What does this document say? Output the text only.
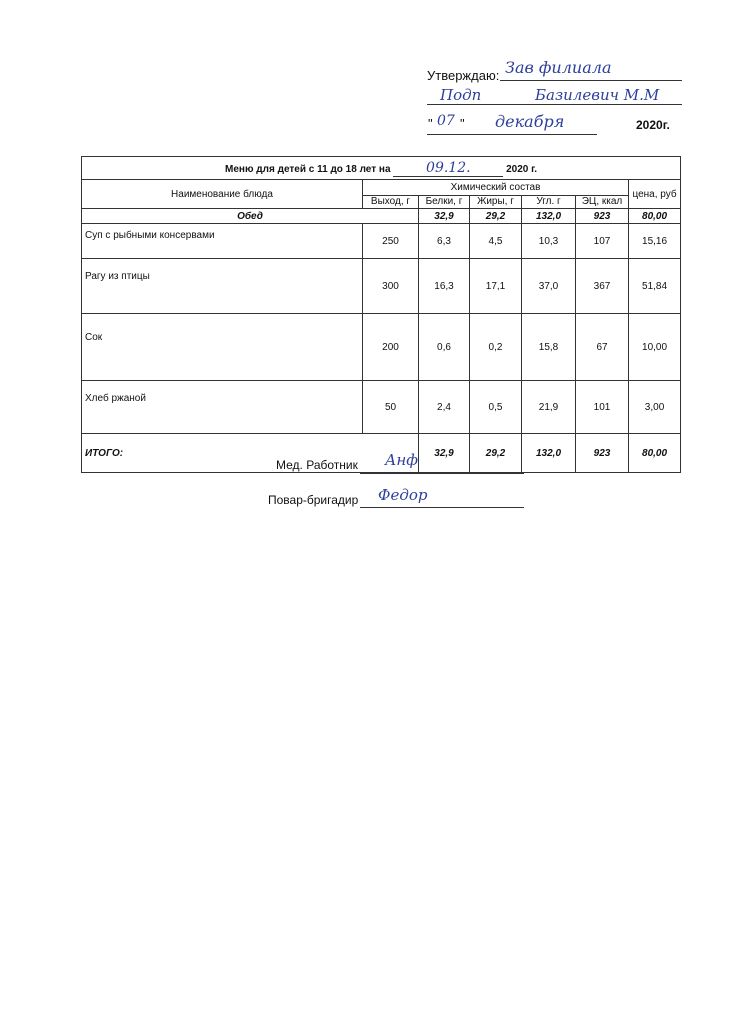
Утверждаю: Зав филиала
Подп	Базилевич М.М
" 07 " декабря	2020г.
Меню для детей с 11 до 18 лет на 09.12. 2020 г.						
Наименование блюда	Химический состав					цена, руб
	Выход, г	Белки, г	Жиры, г	Угл. г	ЭЦ, ккал	
Обед		32,9	29,2	132,0	923	80,00
Суп с рыбными консервами	250	6,3	4,5	10,3	107	15,16
Рагу из птицы	300	16,3	17,1	37,0	367	51,84
Сок	200	0,6	0,2	15,8	67	10,00
Хлеб ржаной	50	2,4	0,5	21,9	101	3,00
ИТОГО:		32,9	29,2	132,0	923	80,00
Мед. Работник Анф
Повар-бригадир Федор
